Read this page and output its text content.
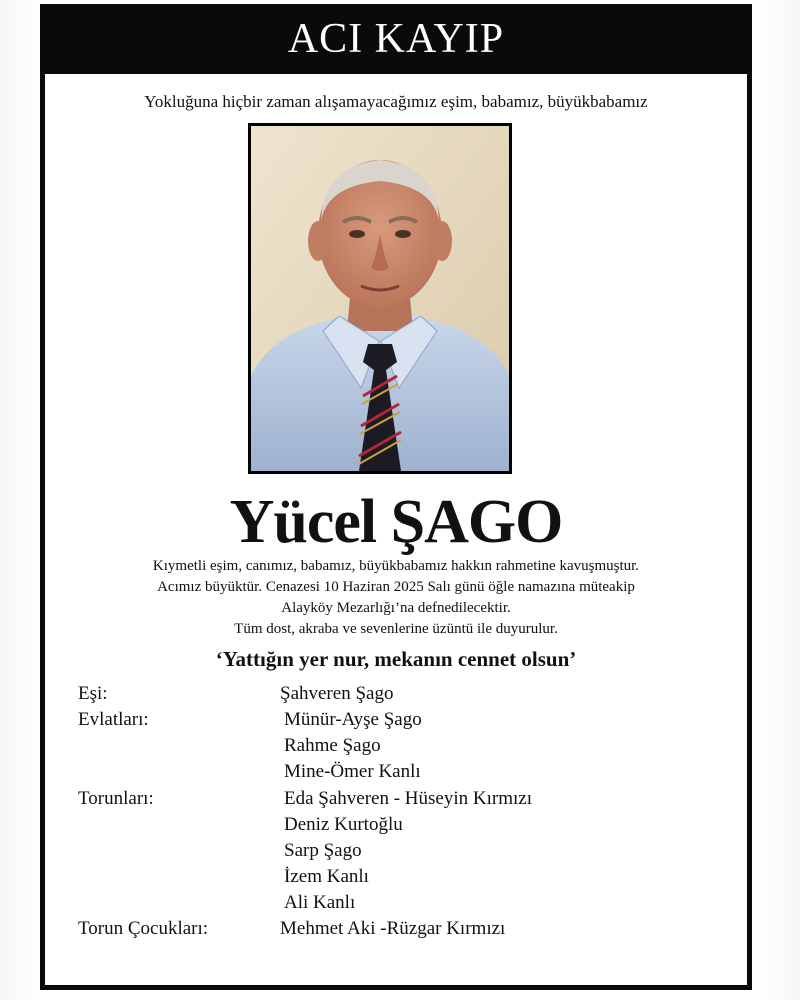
ACI KAYIP
Yokluğuna hiçbir zaman alışamayacağımız eşim, babamız, büyükbabamız
Yücel ŞAGO
Kıymetli eşim, canımız, babamız, büyükbabamız hakkın rahmetine kavuşmuştur.
Acımız büyüktür. Cenazesi 10 Haziran 2025 Salı günü öğle namazına müteakip
Alayköy Mezarlığı’na defnedilecektir.
Tüm dost, akraba ve sevenlerine üzüntü ile duyurulur.
‘Yattığın yer nur, mekanın cennet olsun’
Eşi:	Şahveren Şago
Evlatları:	Münür-Ayşe Şago
Rahme Şago
Mine-Ömer Kanlı
Torunları:	Eda Şahveren - Hüseyin Kırmızı
Deniz Kurtoğlu
Sarp Şago
İzem Kanlı
Ali Kanlı
Torun Çocukları:	Mehmet Aki -Rüzgar Kırmızı
